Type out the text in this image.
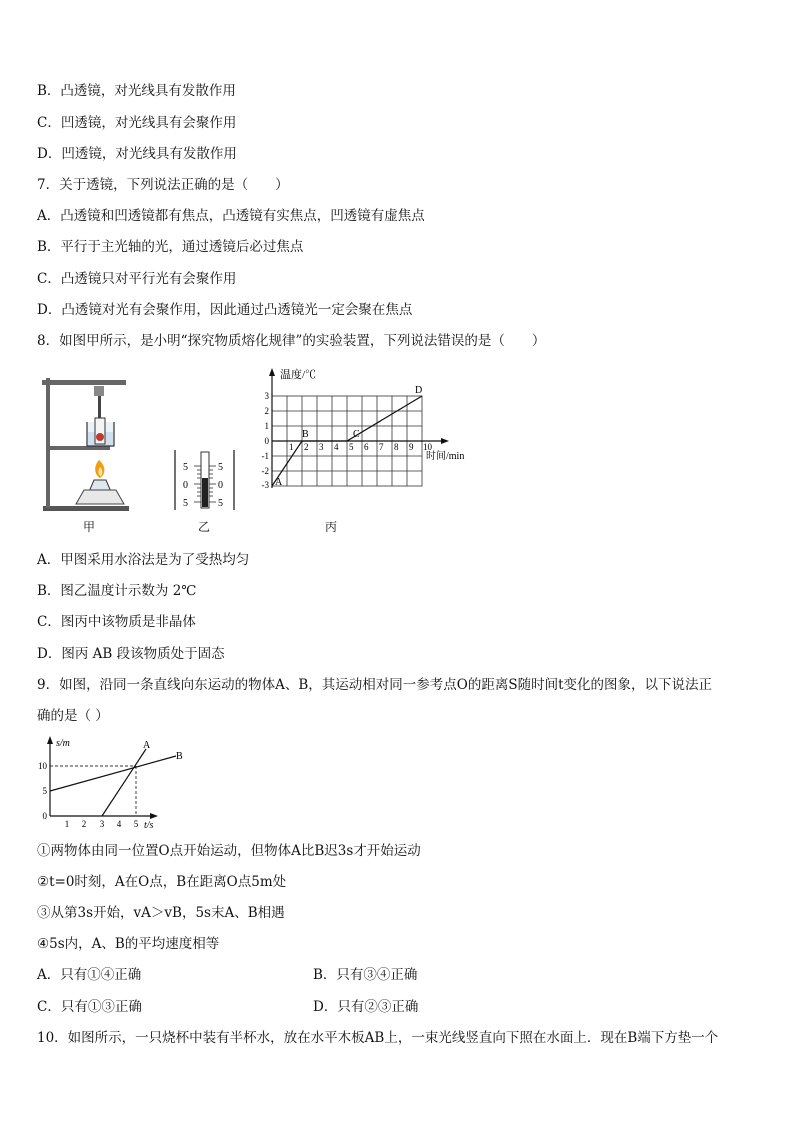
B．凸透镜，对光线具有发散作用
C．凹透镜，对光线具有会聚作用
D．凹透镜，对光线具有发散作用
7．关于透镜，下列说法正确的是（　　）
A．凸透镜和凹透镜都有焦点，凸透镜有实焦点，凹透镜有虚焦点
B．平行于主光轴的光，通过透镜后必过焦点
C．凸透镜只对平行光有会聚作用
D．凸透镜对光有会聚作用，因此通过凸透镜光一定会聚在焦点
8．如图甲所示，是小明“探究物质熔化规律”的实验装置，下列说法错误的是（　　）
甲
5
0
5
5
0
5
乙
温度/℃
时间/min
3
2
1
0
-1
-2
-3
1 2 3 4 5 6 7 8 9 10
A
B	C
D
丙
A．甲图采用水浴法是为了受热均匀
B．图乙温度计示数为 2℃
C．图丙中该物质是非晶体
D．图丙 AB 段该物质处于固态
9．如图，沿同一条直线向东运动的物体A、B，其运动相对同一参考点O的距离S随时间t变化的图象，以下说法正
确的是（ ）
s/m
t/s
10
5
0
1 2 3 4 5
A
B
①两物体由同一位置O点开始运动，但物体A比B迟3s才开始运动
②t=0时刻，A在O点，B在距离O点5m处
③从第3s开始，vA＞vB，5s末A、B相遇
④5s内，A、B的平均速度相等
A．只有①④正确	B．只有③④正确
C．只有①③正确	D．只有②③正确
10．如图所示，一只烧杯中装有半杯水，放在水平木板AB上，一束光线竖直向下照在水面上．现在B端下方垫一个
